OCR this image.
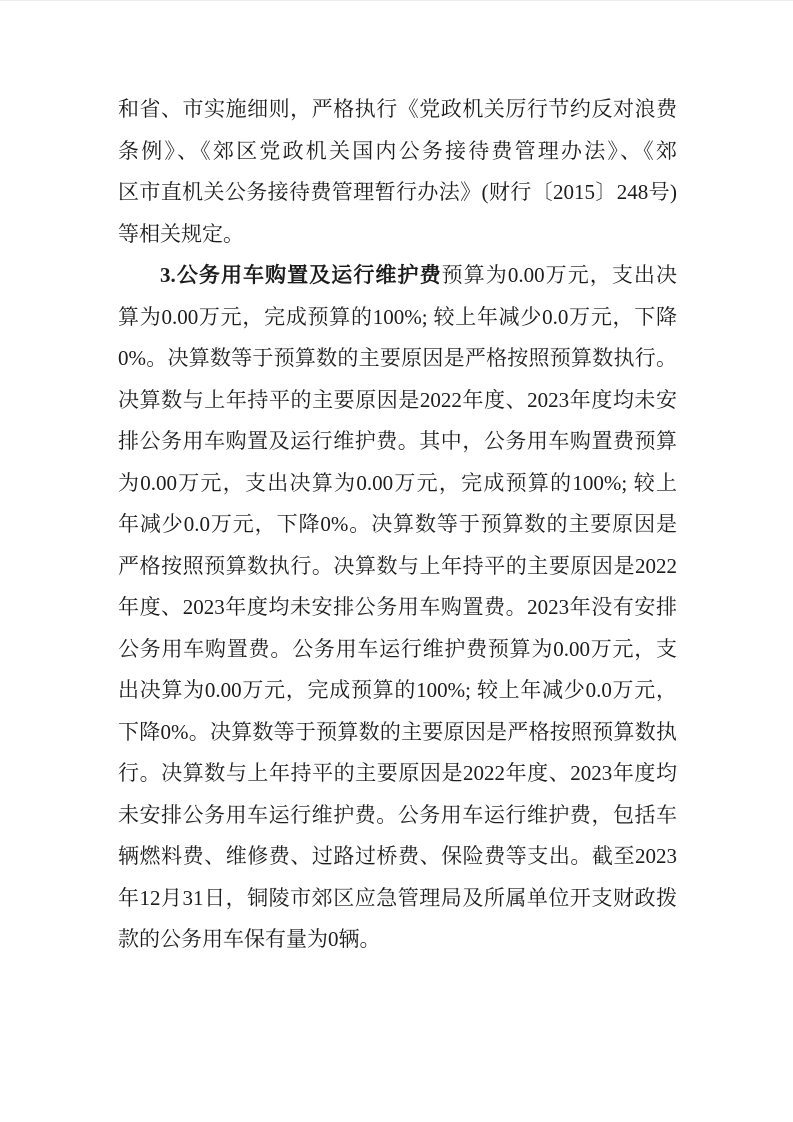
和省、市实施细则，严格执行《党政机关厉行节约反对浪费
条例》、《郊区党政机关国内公务接待费管理办法》、《郊
区市直机关公务接待费管理暂行办法》(财行〔2015〕248号)
等相关规定。
3.公务用车购置及运行维护费预算为0.00万元，支出决
算为0.00万元，完成预算的100%; 较上年减少0.0万元，下降
0%。决算数等于预算数的主要原因是严格按照预算数执行。
决算数与上年持平的主要原因是2022年度、2023年度均未安
排公务用车购置及运行维护费。其中，公务用车购置费预算
为0.00万元，支出决算为0.00万元，完成预算的100%; 较上
年减少0.0万元，下降0%。决算数等于预算数的主要原因是
严格按照预算数执行。决算数与上年持平的主要原因是2022
年度、2023年度均未安排公务用车购置费。2023年没有安排
公务用车购置费。公务用车运行维护费预算为0.00万元，支
出决算为0.00万元，完成预算的100%; 较上年减少0.0万元，
下降0%。决算数等于预算数的主要原因是严格按照预算数执
行。决算数与上年持平的主要原因是2022年度、2023年度均
未安排公务用车运行维护费。公务用车运行维护费，包括车
辆燃料费、维修费、过路过桥费、保险费等支出。截至2023
年12月31日，铜陵市郊区应急管理局及所属单位开支财政拨
款的公务用车保有量为0辆。
